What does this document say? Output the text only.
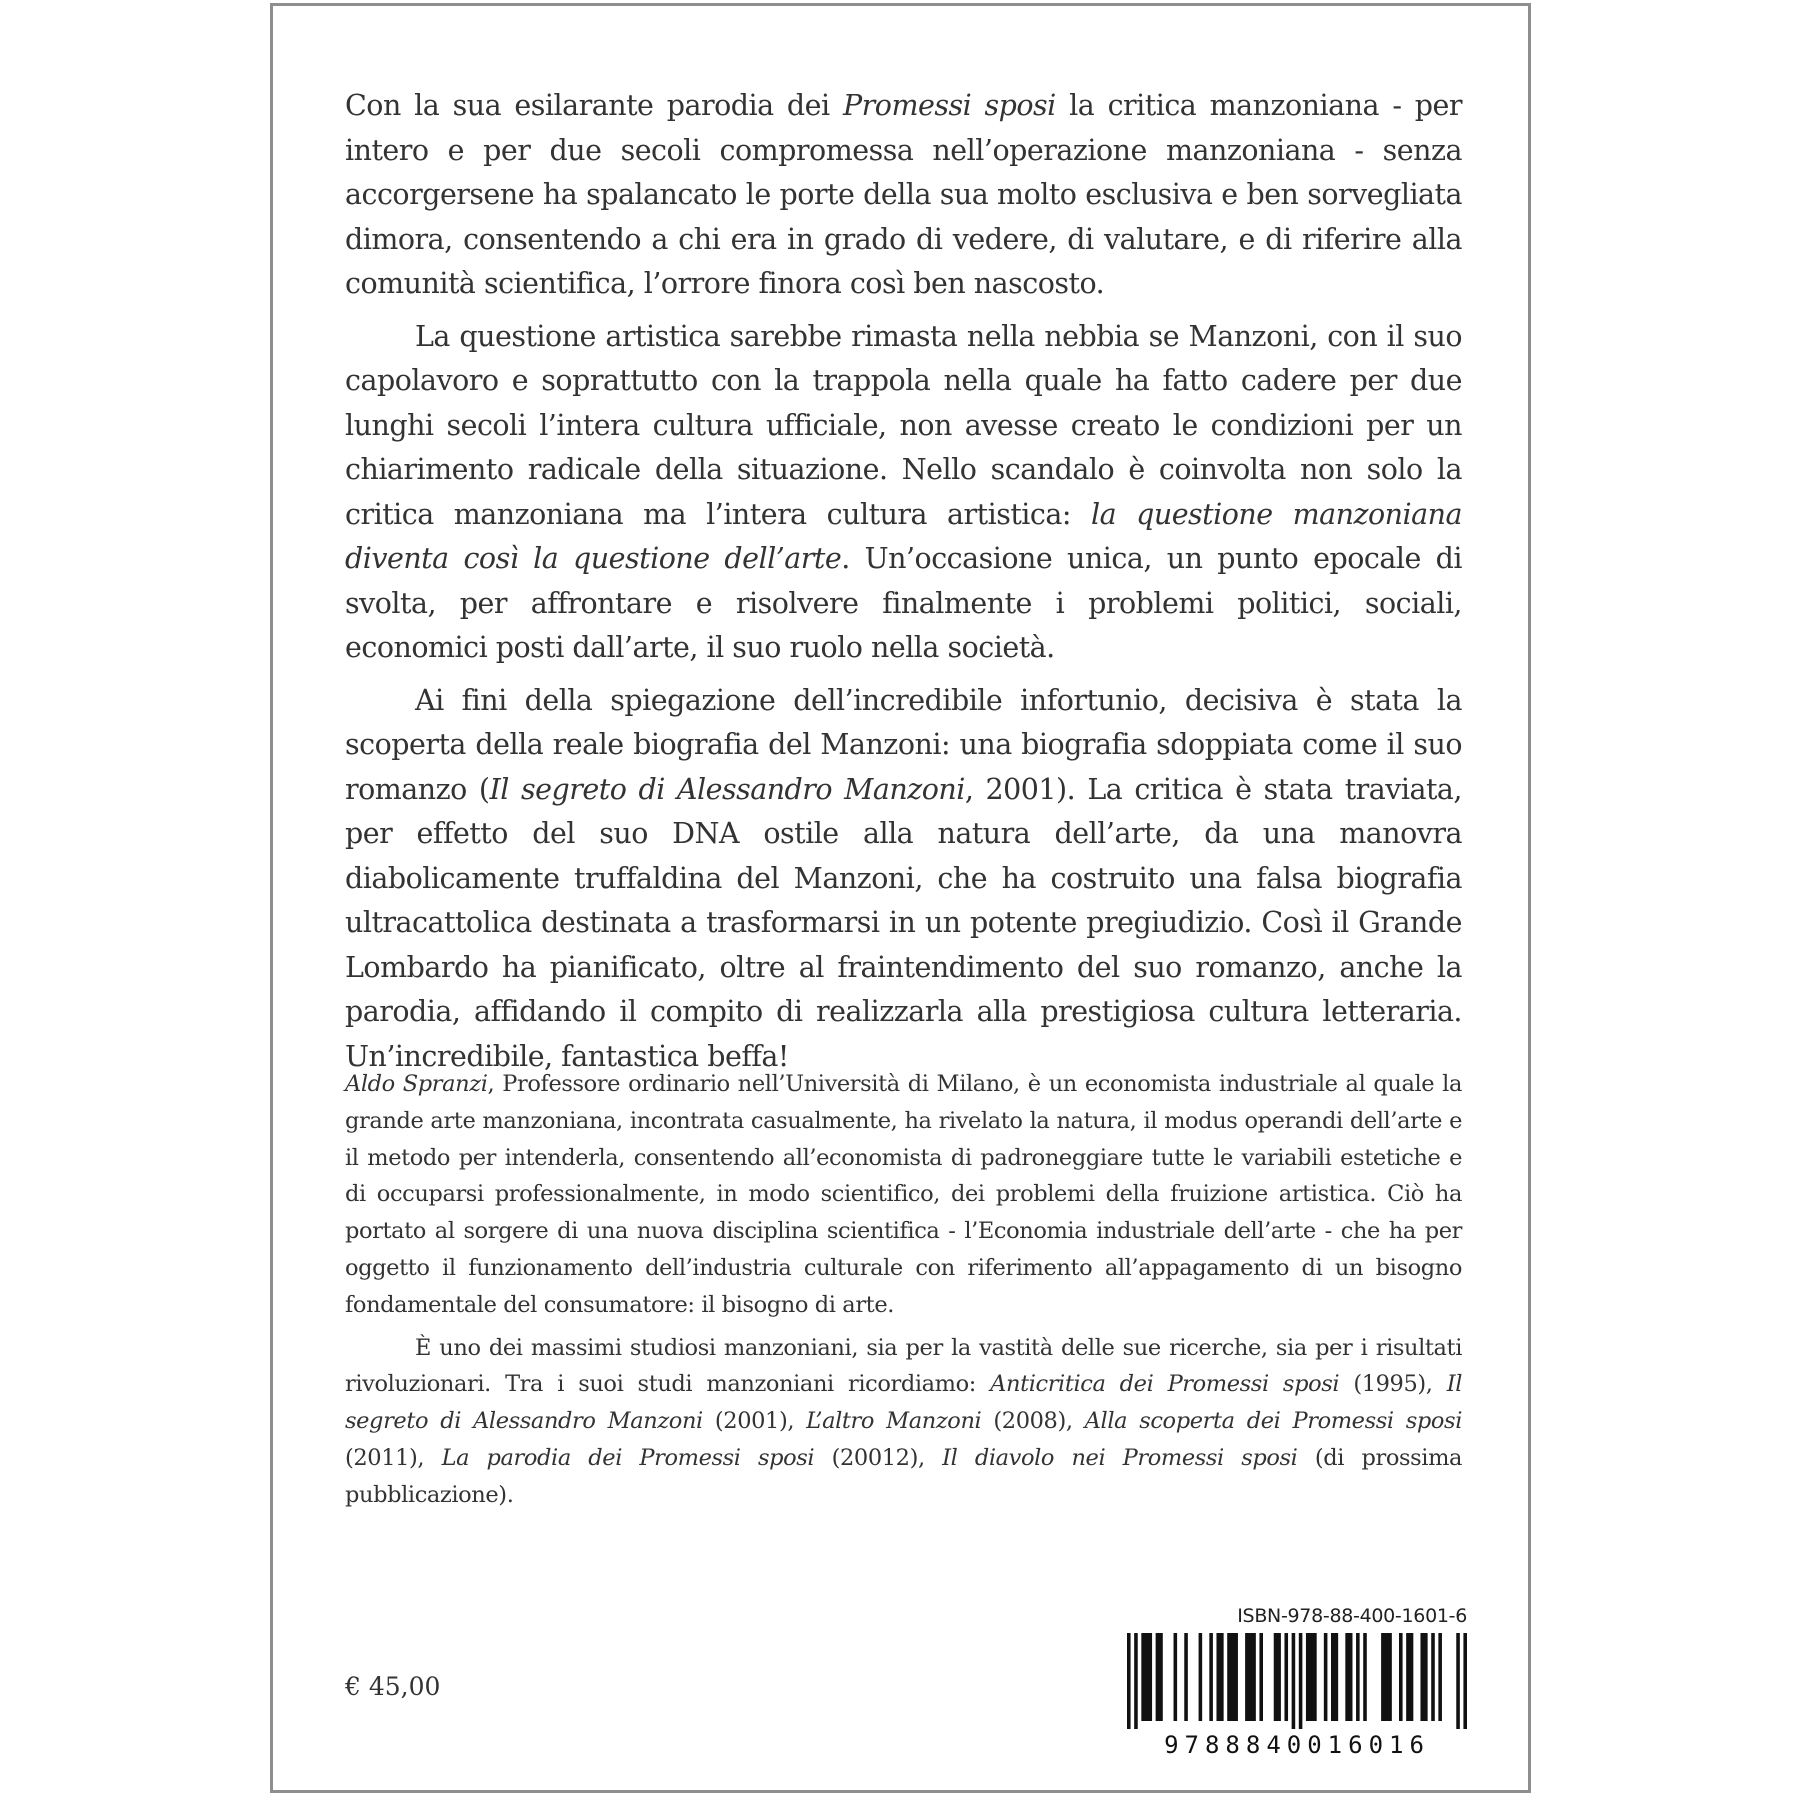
Con la sua esilarante parodia dei Promessi sposi la critica manzoniana - per intero e per due secoli compromessa nell’operazione manzoniana - senza accorgersene ha spalancato le porte della sua molto esclusiva e ben sorvegliata dimora, consentendo a chi era in grado di vedere, di valutare, e di riferire alla comunità scientifica, l’orrore finora così ben nascosto.

La questione artistica sarebbe rimasta nella nebbia se Manzoni, con il suo capolavoro e soprattutto con la trappola nella quale ha fatto cadere per due lunghi secoli l’intera cultura ufficiale, non avesse creato le condizioni per un chiarimento radicale della situazione. Nello scandalo è coinvolta non solo la critica manzoniana ma l’intera cultura artistica: la questione manzoniana diventa così la questione dell’arte. Un’occasione unica, un punto epocale di svolta, per affrontare e risolvere finalmente i problemi politici, sociali, economici posti dall’arte, il suo ruolo nella società.

Ai fini della spiegazione dell’incredibile infortunio, decisiva è stata la scoperta della reale biografia del Manzoni: una biografia sdoppiata come il suo romanzo (Il segreto di Alessandro Manzoni, 2001). La critica è stata traviata, per effetto del suo DNA ostile alla natura dell’arte, da una manovra diabolicamente truffaldina del Manzoni, che ha costruito una falsa biografia ultracattolica destinata a trasformarsi in un potente pregiudizio. Così il Grande Lombardo ha pianificato, oltre al fraintendimento del suo romanzo, anche la parodia, affidando il compito di realizzarla alla prestigiosa cultura letteraria. Un’incredibile, fantastica beffa!

Aldo Spranzi, Professore ordinario nell’Università di Milano, è un economista industriale al quale la grande arte manzoniana, incontrata casualmente, ha rivelato la natura, il modus operandi dell’arte e il metodo per intenderla, consentendo all’economista di padroneggiare tutte le variabili estetiche e di occuparsi professionalmente, in modo scientifico, dei problemi della fruizione artistica. Ciò ha portato al sorgere di una nuova disciplina scientifica - l’Economia industriale dell’arte - che ha per oggetto il funzionamento dell’industria culturale con riferimento all’appagamento di un bisogno fondamentale del consumatore: il bisogno di arte.

È uno dei massimi studiosi manzoniani, sia per la vastità delle sue ricerche, sia per i risultati rivoluzionari. Tra i suoi studi manzoniani ricordiamo: Anticritica dei Promessi sposi (1995), Il segreto di Alessandro Manzoni (2001), L’altro Manzoni (2008), Alla scoperta dei Promessi sposi (2011), La parodia dei Promessi sposi (20012), Il diavolo nei Promessi sposi (di prossima pubblicazione).

€ 45,00
ISBN-978-88-400-1601-6
9788840016016
